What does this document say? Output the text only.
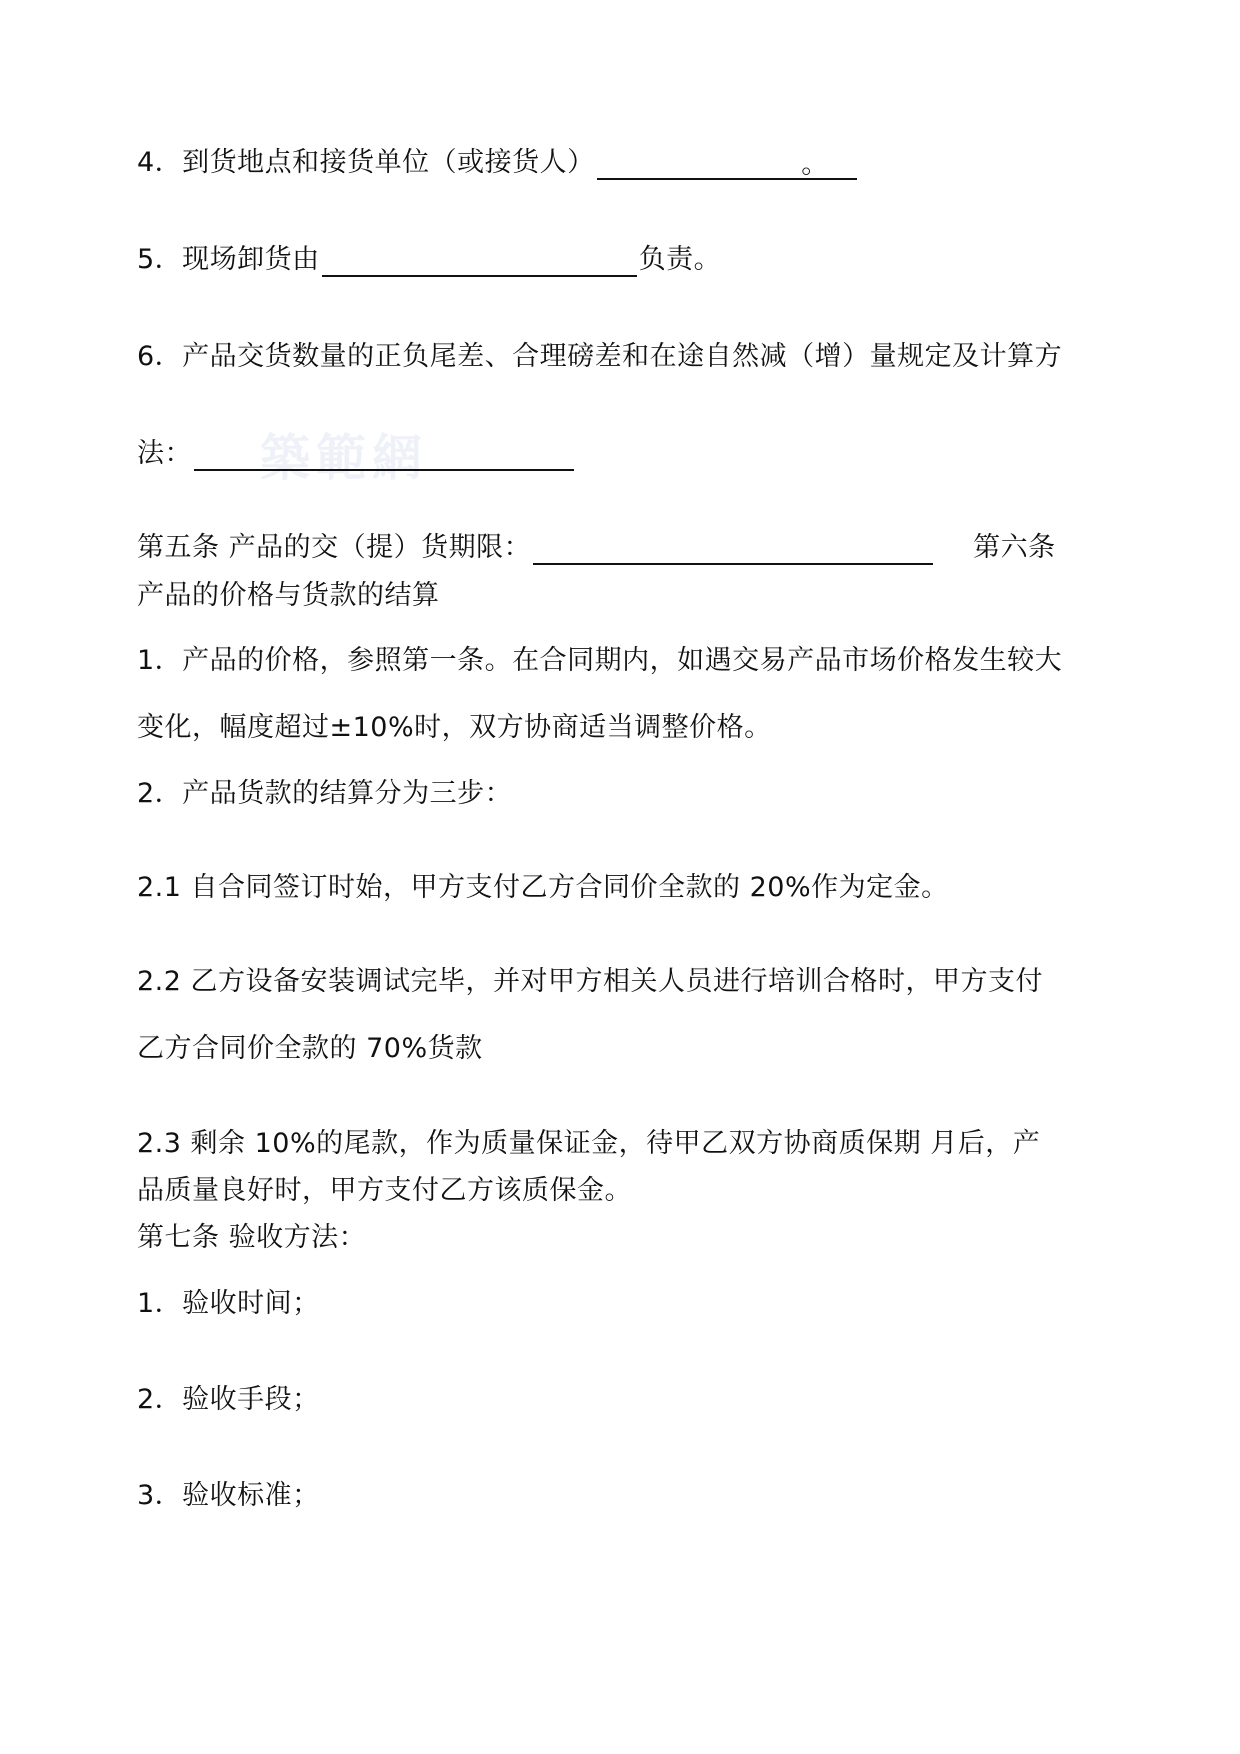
築範網
4．到货地点和接货单位（或接货人）	。
5．现场卸货由	负责。
6．产品交货数量的正负尾差、合理磅差和在途自然减（增）量规定及计算方
法：
第五条 产品的交（提）货期限：	第六条
产品的价格与货款的结算
1．产品的价格，参照第一条。在合同期内，如遇交易产品市场价格发生较大
变化，幅度超过±10%时，双方协商适当调整价格。
2．产品货款的结算分为三步：
2.1 自合同签订时始，甲方支付乙方合同价全款的 20%作为定金。
2.2 乙方设备安装调试完毕，并对甲方相关人员进行培训合格时，甲方支付
乙方合同价全款的 70%货款
2.3 剩余 10%的尾款，作为质量保证金，待甲乙双方协商质保期 月后，产
品质量良好时，甲方支付乙方该质保金。
第七条 验收方法：
1．验收时间；
2．验收手段；
3．验收标准；
